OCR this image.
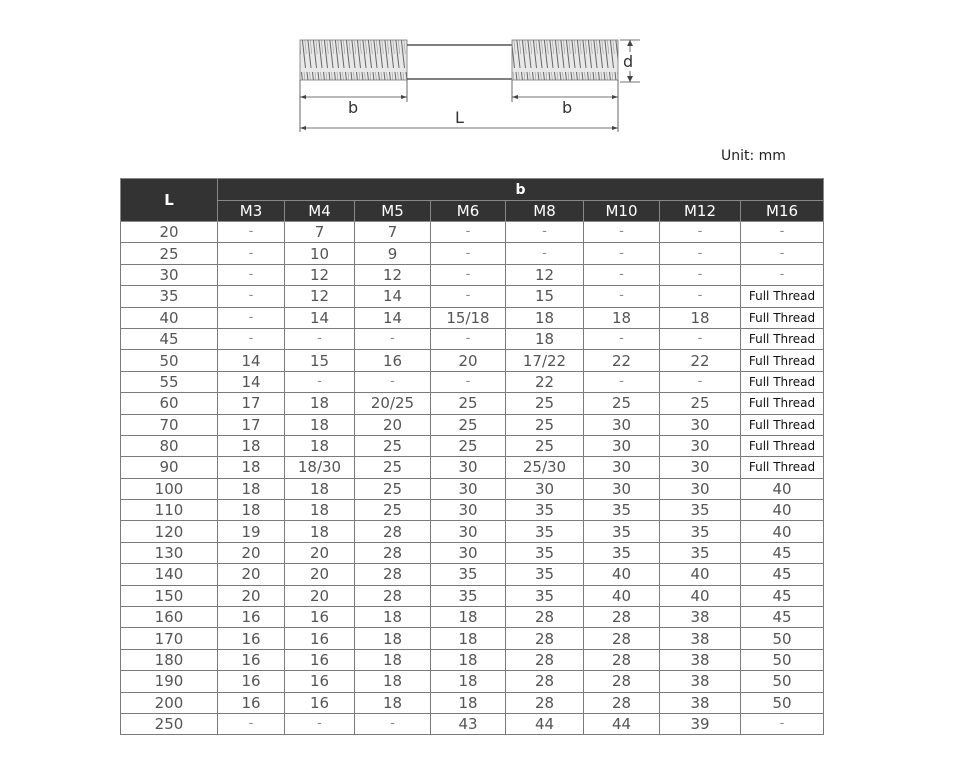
b
L
b
d
Unit: mm
L	b							
	M3	M4	M5	M6	M8	M10	M12	M16
20	-	7	7	-	-	-	-	-
25	-	10	9	-	-	-	-	-
30	-	12	12	-	12	-	-	-
35	-	12	14	-	15	-	-	Full Thread
40	-	14	14	15/18	18	18	18	Full Thread
45	-	-	-	-	18	-	-	Full Thread
50	14	15	16	20	17/22	22	22	Full Thread
55	14	-	-	-	22	-	-	Full Thread
60	17	18	20/25	25	25	25	25	Full Thread
70	17	18	20	25	25	30	30	Full Thread
80	18	18	25	25	25	30	30	Full Thread
90	18	18/30	25	30	25/30	30	30	Full Thread
100	18	18	25	30	30	30	30	40
110	18	18	25	30	35	35	35	40
120	19	18	28	30	35	35	35	40
130	20	20	28	30	35	35	35	45
140	20	20	28	35	35	40	40	45
150	20	20	28	35	35	40	40	45
160	16	16	18	18	28	28	38	45
170	16	16	18	18	28	28	38	50
180	16	16	18	18	28	28	38	50
190	16	16	18	18	28	28	38	50
200	16	16	18	18	28	28	38	50
250	-	-	-	43	44	44	39	-
